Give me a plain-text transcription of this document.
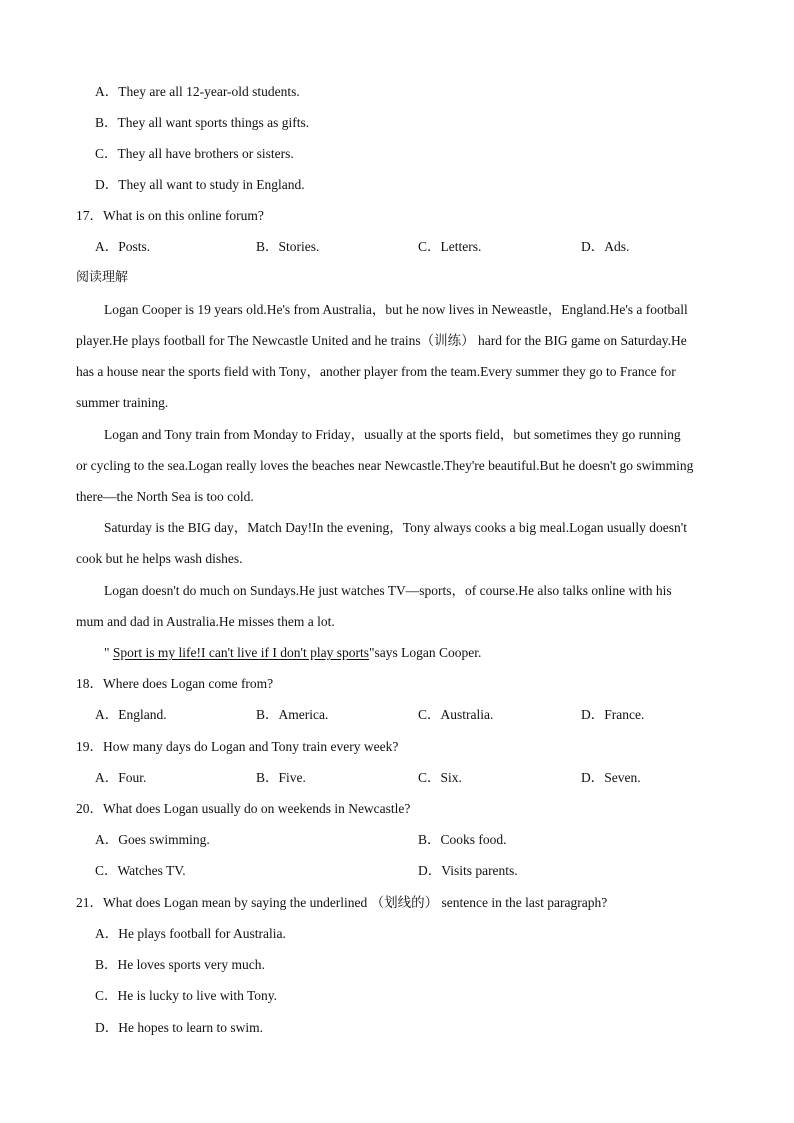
A．They are all 12-year-old students.
B．They all want sports things as gifts.
C．They all have brothers or sisters.
D．They all want to study in England.
17．What is on this online forum?
A．Posts.	B．Stories.	C．Letters.	D．Ads.
阅读理解
Logan Cooper is 19 years old.He's from Australia，but he now lives in Neweastle，England.He's a football
player.He plays football for The Newcastle United and he trains（训练） hard for the BIG game on Saturday.He
has a house near the sports field with Tony，another player from the team.Every summer they go to France for
summer training.
Logan and Tony train from Monday to Friday，usually at the sports field，but sometimes they go running
or cycling to the sea.Logan really loves the beaches near Newcastle.They're beautiful.But he doesn't go swimming
there—the North Sea is too cold.
Saturday is the BIG day，Match Day!In the evening，Tony always cooks a big meal.Logan usually doesn't
cook but he helps wash dishes.
Logan doesn't do much on Sundays.He just watches TV—sports，of course.He also talks online with his
mum and dad in Australia.He misses them a lot.
" Sport is my life!I can't live if I don't play sports"says Logan Cooper.
18．Where does Logan come from?
A．England.	B．America.	C．Australia.	D．France.
19．How many days do Logan and Tony train every week?
A．Four.	B．Five.	C．Six.	D．Seven.
20．What does Logan usually do on weekends in Newcastle?
A．Goes swimming.	B．Cooks food.
C．Watches TV.	D．Visits parents.
21．What does Logan mean by saying the underlined （划线的） sentence in the last paragraph?
A．He plays football for Australia.
B．He loves sports very much.
C．He is lucky to live with Tony.
D．He hopes to learn to swim.
